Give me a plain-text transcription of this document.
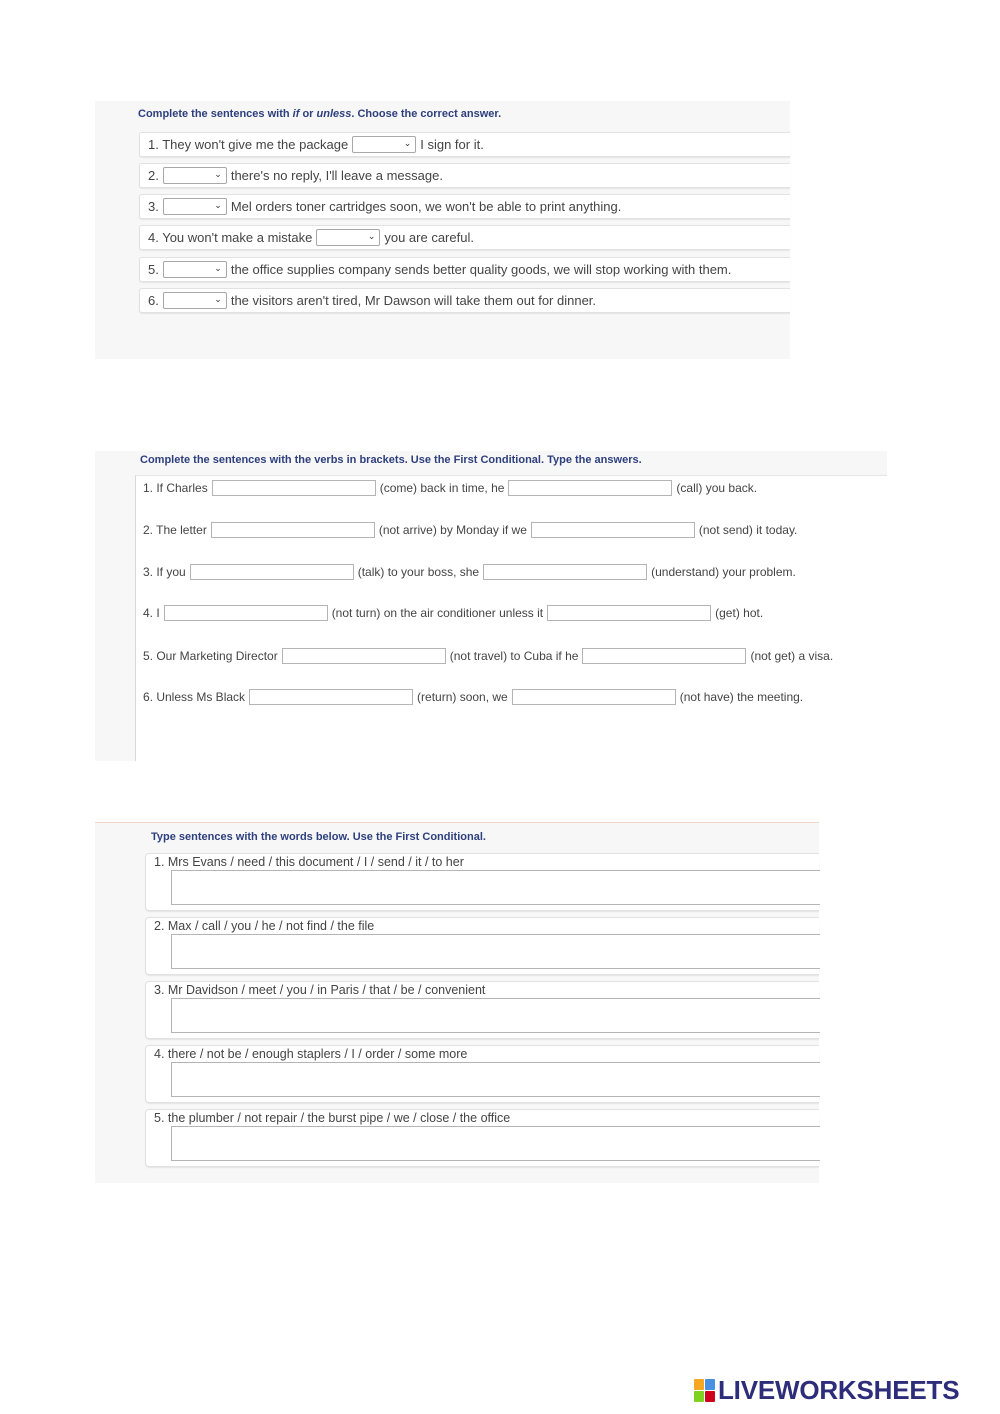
Complete the sentences with if or unless. Choose the correct answer.
1. They won't give me the package	⌄ I sign for it.
2.	⌄ there's no reply, I'll leave a message.
3.	⌄ Mel orders toner cartridges soon, we won't be able to print anything.
4. You won't make a mistake	⌄ you are careful.
5.	⌄ the office supplies company sends better quality goods, we will stop working with them.
6.	⌄ the visitors aren't tired, Mr Dawson will take them out for dinner.
Complete the sentences with the verbs in brackets. Use the First Conditional. Type the answers.
1. If Charles	(come) back in time, he	(call) you back.
2. The letter	(not arrive) by Monday if we	(not send) it today.
3. If you	(talk) to your boss, she	(understand) your problem.
4. I	(not turn) on the air conditioner unless it	(get) hot.
5. Our Marketing Director	(not travel) to Cuba if he	(not get) a visa.
6. Unless Ms Black	(return) soon, we	(not have) the meeting.
Type sentences with the words below. Use the First Conditional.
1. Mrs Evans / need / this document / I / send / it / to her
2. Max / call / you / he / not find / the file
3. Mr Davidson / meet / you / in Paris / that / be / convenient
4. there / not be / enough staplers / I / order / some more
5. the plumber / not repair / the burst pipe / we / close / the office
LIVEWORKSHEETS
